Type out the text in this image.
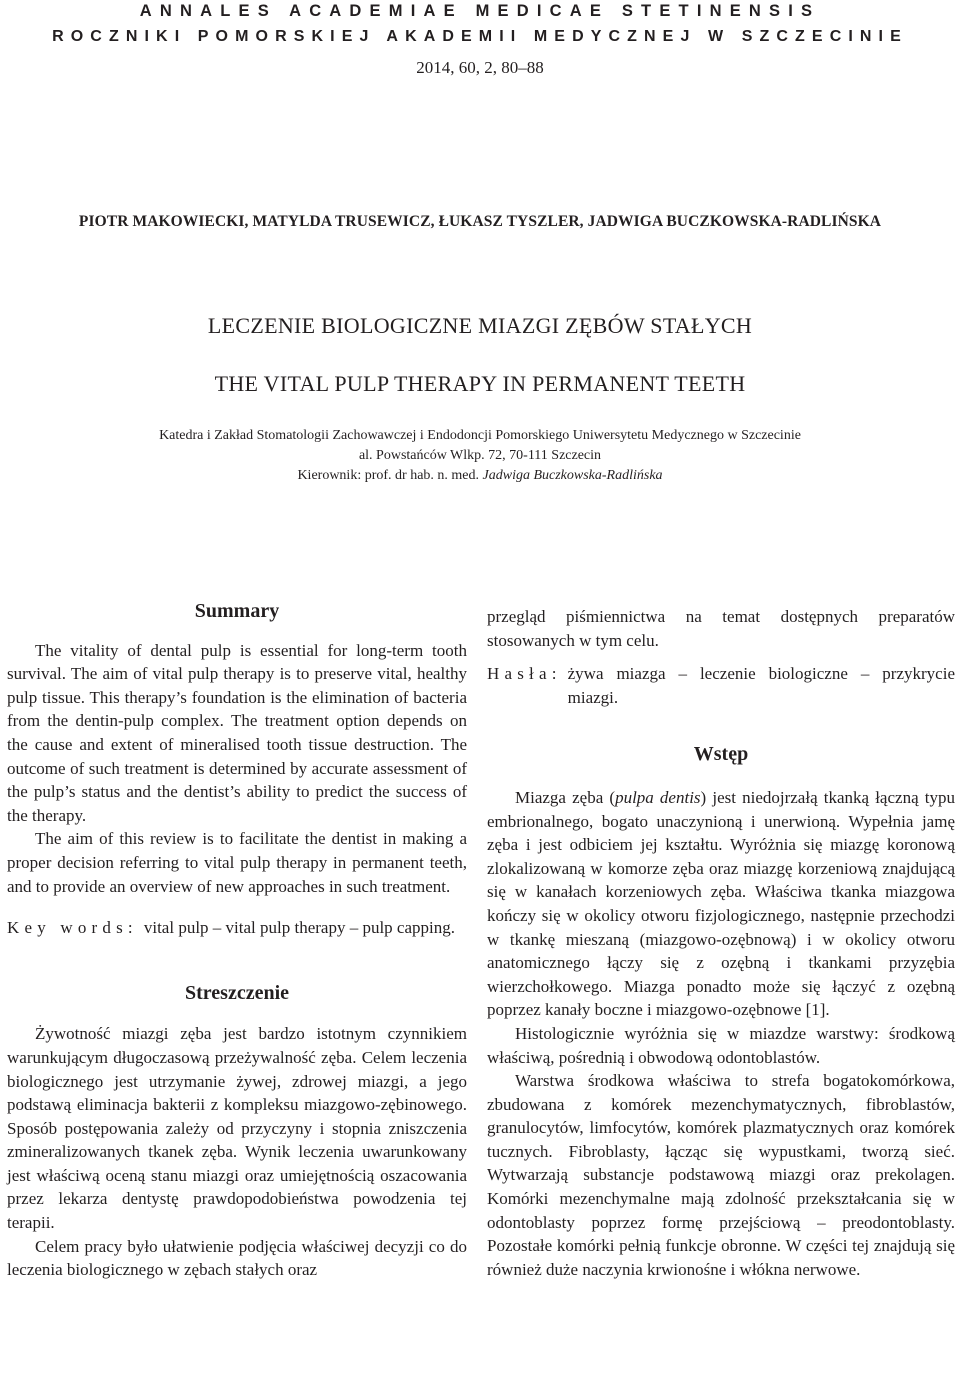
ANNALES ACADEMIAE MEDICAE STETINENSIS
ROCZNIKI POMORSKIEJ AKADEMII MEDYCZNEJ W SZCZECINIE
2014, 60, 2, 80–88
PIOTR MAKOWIECKI, MATYLDA TRUSEWICZ, ŁUKASZ TYSZLER, JADWIGA BUCZKOWSKA-RADLIŃSKA
LECZENIE BIOLOGICZNE MIAZGI ZĘBÓW STAŁYCH
THE VITAL PULP THERAPY IN PERMANENT TEETH
Katedra i Zakład Stomatologii Zachowawczej i Endodoncji Pomorskiego Uniwersytetu Medycznego w Szczecinie
al. Powstańców Wlkp. 72, 70-111 Szczecin
Kierownik: prof. dr hab. n. med. Jadwiga Buczkowska-Radlińska
Summary

The vitality of dental pulp is essential for long-term tooth survival. The aim of vital pulp therapy is to preserve vital, healthy pulp tissue. This therapy’s foundation is the elimination of bacteria from the dentin-pulp complex. The treatment option depends on the cause and extent of mineralised tooth tissue destruction. The outcome of such treatment is determined by accurate assessment of the pulp’s status and the dentist’s ability to predict the success of the therapy.

The aim of this review is to facilitate the dentist in making a proper decision referring to vital pulp therapy in permanent teeth, and to provide an overview of new approaches in such treatment.

Key words: vital pulp – vital pulp therapy – pulp capping.
Streszczenie

Żywotność miazgi zęba jest bardzo istotnym czynnikiem warunkującym długoczasową przeżywalność zęba. Celem leczenia biologicznego jest utrzymanie żywej, zdrowej miazgi, a jego podstawą eliminacja bakterii z kompleksu miazgowo-zębinowego. Sposób postępowania zależy od przyczyny i stopnia zniszczenia zmineralizowanych tkanek zęba. Wynik leczenia uwarunkowany jest właściwą oceną stanu miazgi oraz umiejętnością oszacowania przez lekarza dentystę prawdopodobieństwa powodzenia tej terapii.

Celem pracy było ułatwienie podjęcia właściwej decyzji co do leczenia biologicznego w zębach stałych oraz

przegląd piśmiennictwa na temat dostępnych preparatów stosowanych w tym celu.

Hasła: żywa miazga – leczenie biologiczne – przykrycie miazgi.
Wstęp

Miazga zęba (pulpa dentis) jest niedojrzałą tkanką łączną typu embrionalnego, bogato unaczynioną i unerwioną. Wypełnia jamę zęba i jest odbiciem jej kształtu. Wyróżnia się miazgę koronową zlokalizowaną w komorze zęba oraz miazgę korzeniową znajdującą się w kanałach korzeniowych zęba. Właściwa tkanka miazgowa kończy się w okolicy otworu fizjologicznego, następnie przechodzi w tkankę mieszaną (miazgowo-ozębnową) i w okolicy otworu anatomicznego łączy się z ozębną i tkankami przyzębia wierzchołkowego. Miazga ponadto może się łączyć z ozębną poprzez kanały boczne i miazgowo-ozębnowe [1].

Histologicznie wyróżnia się w miazdze warstwy: środkową właściwą, pośrednią i obwodową odontoblastów.

Warstwa środkowa właściwa to strefa bogatokomórkowa, zbudowana z komórek mezenchymatycznych, fibroblastów, granulocytów, limfocytów, komórek plazmatycznych oraz komórek tucznych. Fibroblasty, łącząc się wypustkami, tworzą sieć. Wytwarzają substancje podstawową miazgi oraz prekolagen. Komórki mezenchymalne mają zdolność przekształcania się w odontoblasty poprzez formę przejściową – preodontoblasty. Pozostałe komórki pełnią funkcje obronne. W części tej znajdują się również duże naczynia krwionośne i włókna nerwowe.
